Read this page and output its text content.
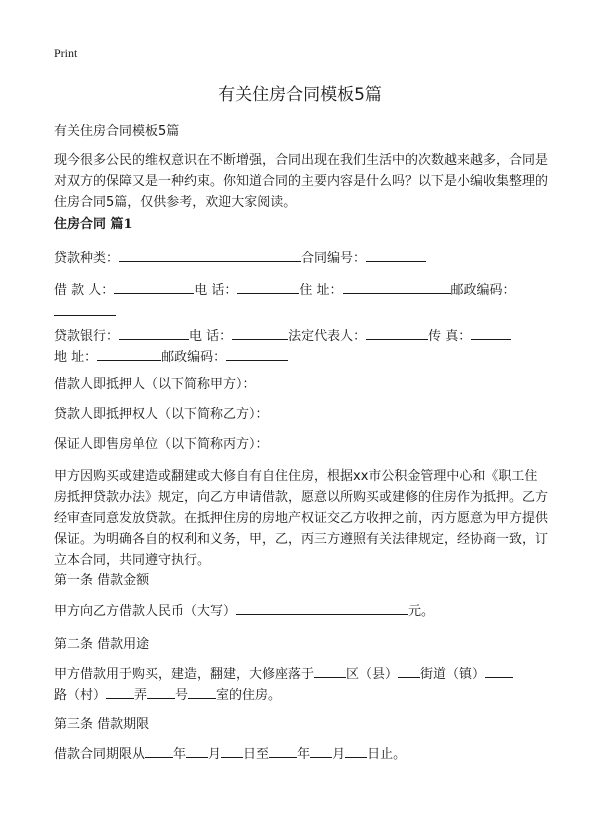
Print
有关住房合同模板5篇
有关住房合同模板5篇
现今很多公民的维权意识在不断增强，合同出现在我们生活中的次数越来越多，合同是对双方的保障又是一种约束。你知道合同的主要内容是什么吗？以下是小编收集整理的住房合同5篇，仅供参考，欢迎大家阅读。
住房合同 篇1
贷款种类：	合同编号：
借 款 人：	电 话：	住 址：	邮政编码：

贷款银行：	电 话：	法定代表人：	传 真：
地 址：	邮政编码：
借款人即抵押人（以下简称甲方）：
贷款人即抵押权人（以下简称乙方）：
保证人即售房单位（以下简称丙方）：
甲方因购买或建造或翻建或大修自有自住住房，根据xx市公积金管理中心和《职工住房抵押贷款办法》规定，向乙方申请借款，愿意以所购买或建修的住房作为抵押。乙方经审查同意发放贷款。在抵押住房的房地产权证交乙方收押之前，丙方愿意为甲方提供保证。为明确各自的权利和义务，甲，乙，丙三方遵照有关法律规定，经协商一致，订立本合同，共同遵守执行。
第一条 借款金额
甲方向乙方借款人民币（大写）	元。
第二条 借款用途
甲方借款用于购买，建造，翻建，大修座落于 区（县） 街道（镇）
路（村） 弄 号 室的住房。
第三条 借款期限
借款合同期限从 年 月 日至 年 月 日止。
